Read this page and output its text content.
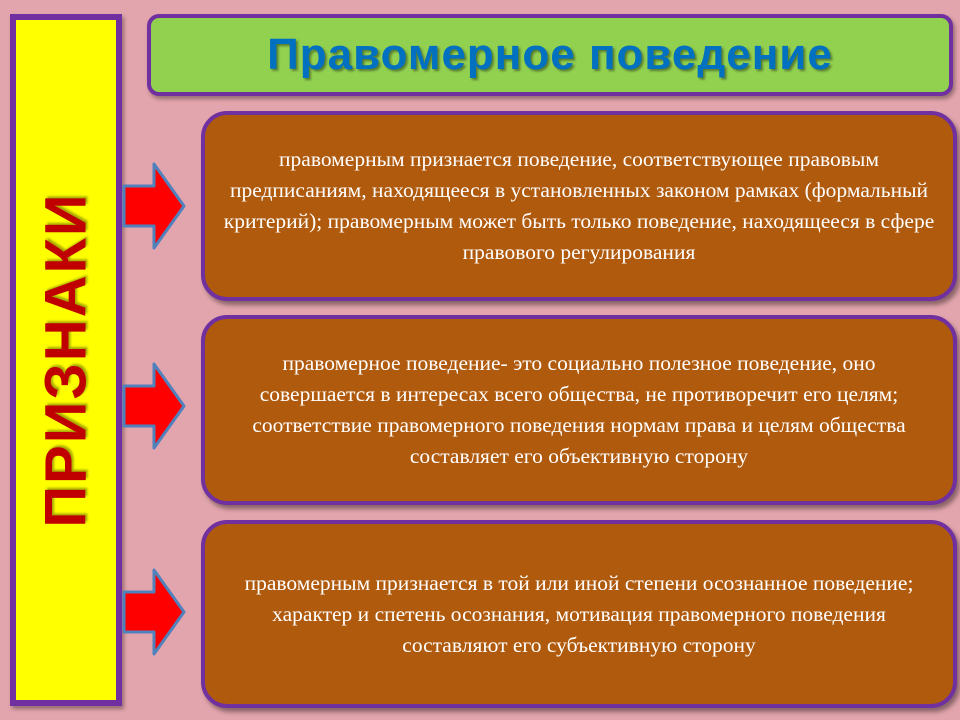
ПРИЗНАКИ
Правомерное поведение
правомерным признается поведение, соответствующее правовым предписаниям, находящееся в установленных законом рамках (формальный критерий); правомерным может быть только поведение, находящееся в сфере правового регулирования
правомерное поведение- это социально полезное поведение, оно совершается в интересах всего общества, не противоречит его целям; соответствие правомерного поведения нормам права и целям общества составляет его объективную сторону
правомерным признается в той или иной степени осознанное поведение; характер и спетень осознания, мотивация правомерного поведения составляют его субъективную сторону
